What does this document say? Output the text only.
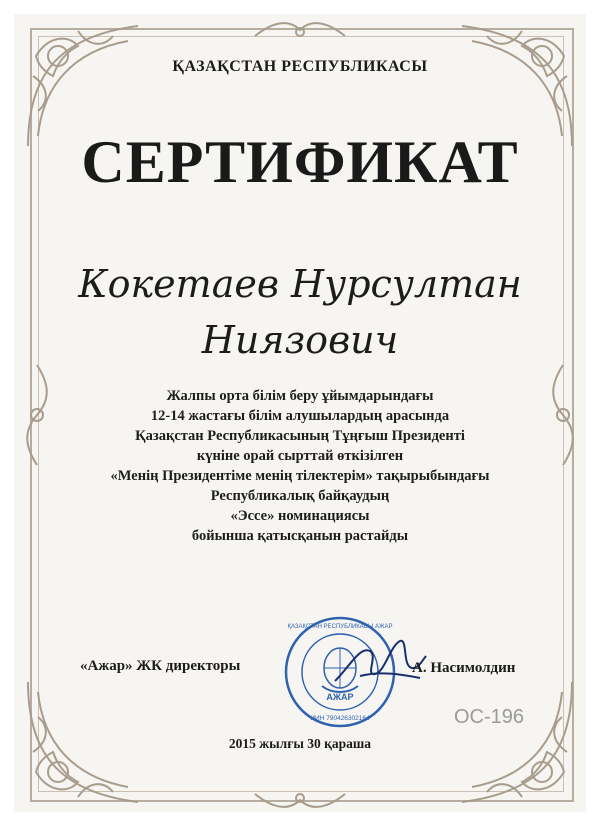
ҚАЗАҚСТАН РЕСПУБЛИКАСЫ
СЕРТИФИКАТ
Кокетаев Нурсултан
Ниязович
Жалпы орта білім беру ұйымдарындағы
12-14 жастағы білім алушылардың арасында
Қазақстан Республикасының Тұңғыш Президенті
күніне орай сырттай өткізілген
«Менің Президентіме менің тілектерім» тақырыбындағы
Республикалық байқаудың
«Эссе» номинациясы
бойынша қатысқанын растайды
АЖАР
ҚАЗАҚСТАН РЕСПУБЛИКАСЫ АЖАР
ИИН 790426302164
«Ажар» ЖК директоры	А. Насимолдин
ОС-196
2015 жылғы 30 қараша
